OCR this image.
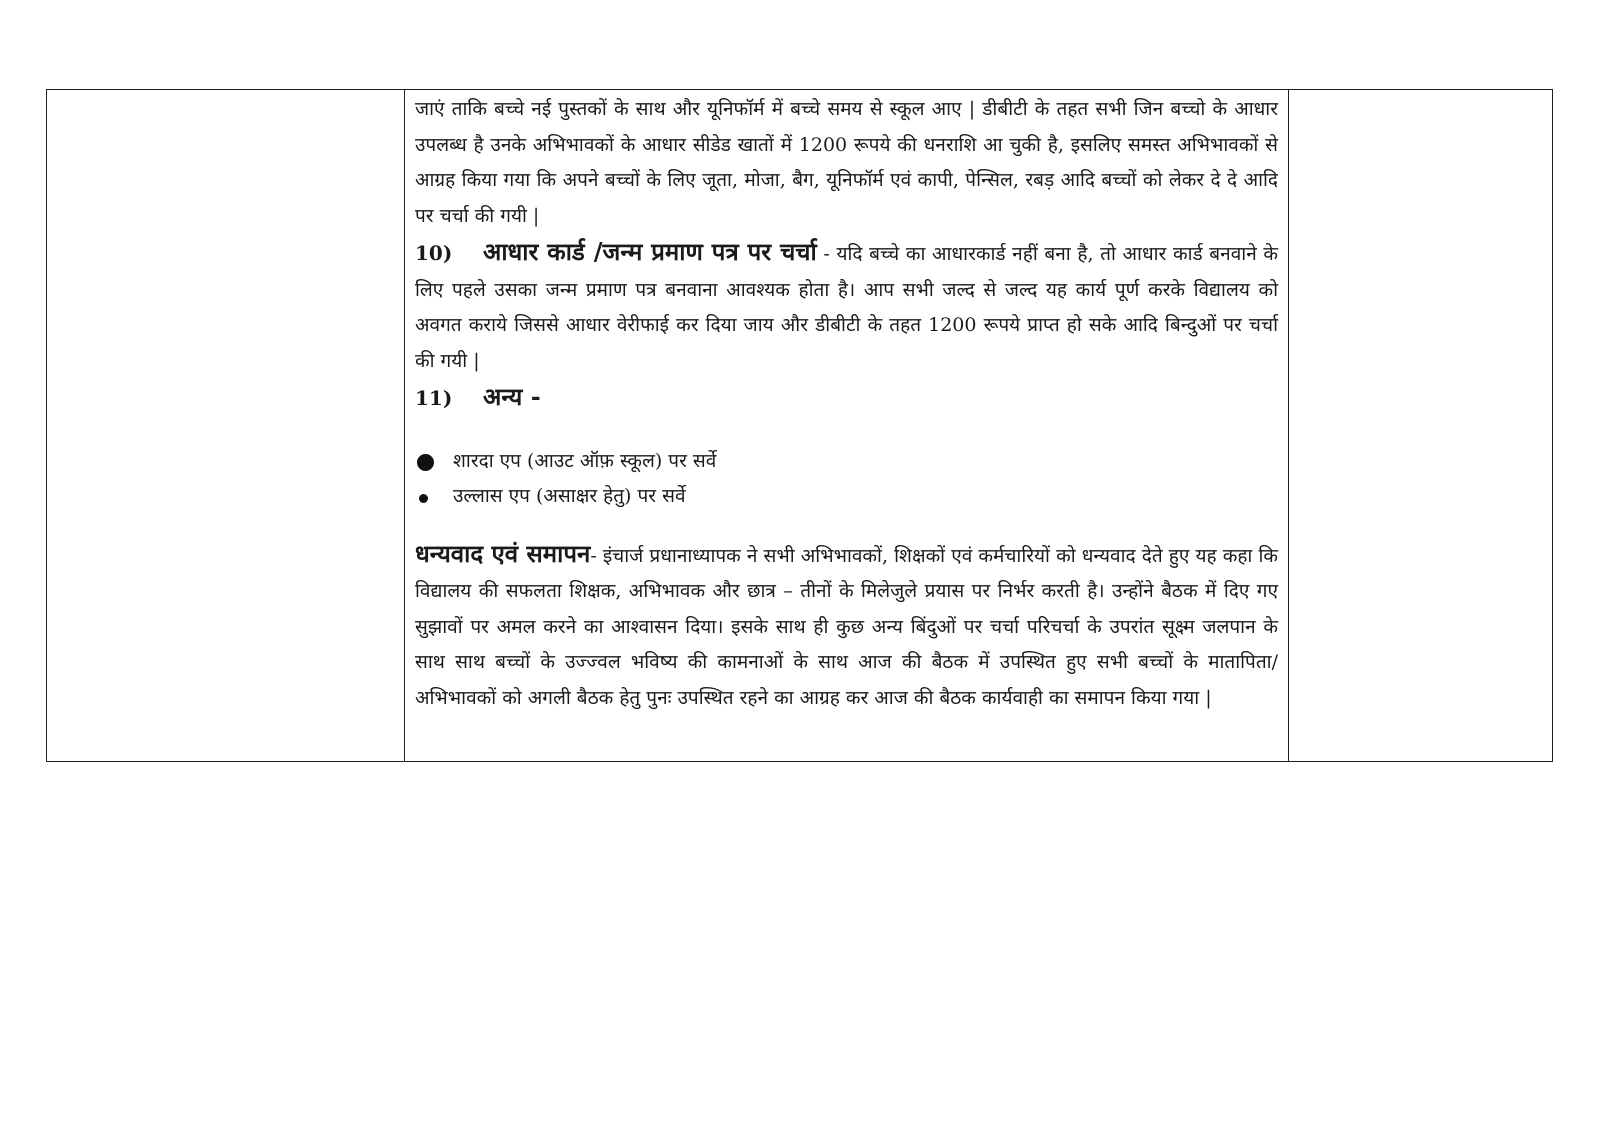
जाएं ताकि बच्चे नई पुस्तकों के साथ और यूनिफॉर्म में बच्चे समय से स्कूल आए | डीबीटी के तहत सभी जिन बच्चो के आधार उपलब्ध है उनके अभिभावकों के आधार सीडेड खातों में 1200 रूपये की धनराशि आ चुकी है, इसलिए समस्त अभिभावकों से आग्रह किया गया कि अपने बच्चों के लिए जूता, मोजा, बैग, यूनिफॉर्म एवं कापी, पेन्सिल, रबड़ आदि बच्चों को लेकर दे दे आदि पर चर्चा की गयी |

10) आधार कार्ड /जन्म प्रमाण पत्र पर चर्चा - यदि बच्चे का आधारकार्ड नहीं बना है, तो आधार कार्ड बनवाने के लिए पहले उसका जन्म प्रमाण पत्र बनवाना आवश्यक होता है। आप सभी जल्द से जल्द यह कार्य पूर्ण करके विद्यालय को अवगत कराये जिससे आधार वेरीफाई कर दिया जाय और डीबीटी के तहत 1200 रूपये प्राप्त हो सके आदि बिन्दुओं पर चर्चा की गयी |

11) अन्य -

शारदा एप (आउट ऑफ़ स्कूल) पर सर्वे
उल्लास एप (असाक्षर हेतु) पर सर्वे

धन्यवाद एवं समापन- इंचार्ज प्रधानाध्यापक ने सभी अभिभावकों, शिक्षकों एवं कर्मचारियों को धन्यवाद देते हुए यह कहा कि विद्यालय की सफलता शिक्षक, अभिभावक और छात्र – तीनों के मिलेजुले प्रयास पर निर्भर करती है। उन्होंने बैठक में दिए गए सुझावों पर अमल करने का आश्वासन दिया। इसके साथ ही कुछ अन्य बिंदुओं पर चर्चा परिचर्चा के उपरांत सूक्ष्म जलपान के साथ साथ बच्चों के उज्ज्वल भविष्य की कामनाओं के साथ आज की बैठक में उपस्थित हुए सभी बच्चों के मातापिता/ अभिभावकों को अगली बैठक हेतु पुनः उपस्थित रहने का आग्रह कर आज की बैठक कार्यवाही का समापन किया गया |
